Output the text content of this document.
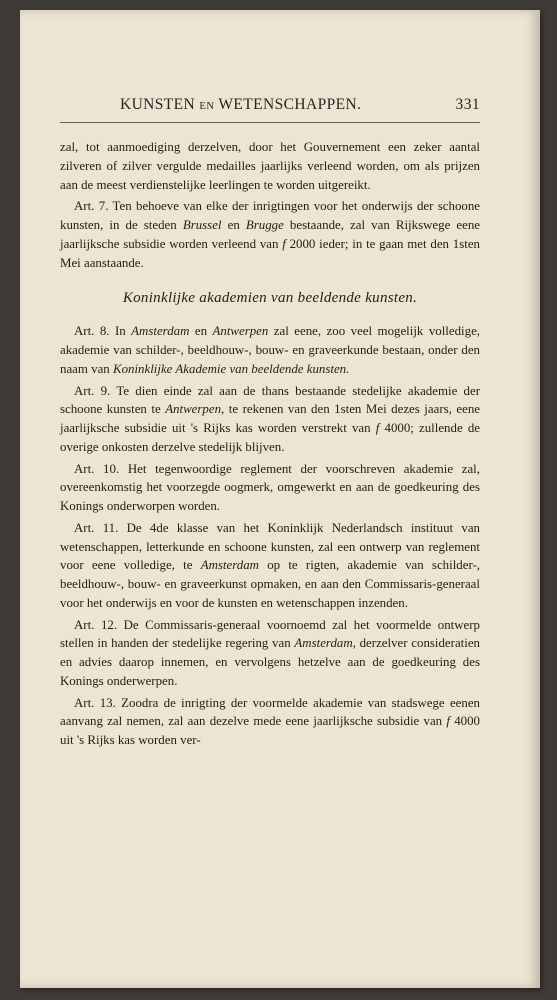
KUNSTEN EN WETENSCHAPPEN.	331

zal, tot aanmoediging derzelven, door het Gouvernement een zeker aantal zilveren of zilver vergulde medailles jaarlijks verleend worden, om als prijzen aan de meest verdienstelijke leerlingen te worden uitgereikt.

Art. 7. Ten behoeve van elke der inrigtingen voor het onderwijs der schoone kunsten, in de steden Brussel en Brugge bestaande, zal van Rijkswege eene jaarlijksche subsidie worden verleend van f 2000 ieder; in te gaan met den 1sten Mei aanstaande.

Koninklijke akademien van beeldende kunsten.

Art. 8. In Amsterdam en Antwerpen zal eene, zoo veel mogelijk volledige, akademie van schilder-, beeldhouw-, bouw- en graveerkunde bestaan, onder den naam van Koninklijke Akademie van beeldende kunsten.

Art. 9. Te dien einde zal aan de thans bestaande stedelijke akademie der schoone kunsten te Antwerpen, te rekenen van den 1sten Mei dezes jaars, eene jaarlijksche subsidie uit 's Rijks kas worden verstrekt van f 4000; zullende de overige onkosten derzelve stedelijk blijven.

Art. 10. Het tegenwoordige reglement der voorschreven akademie zal, overeenkomstig het voorzegde oogmerk, omgewerkt en aan de goedkeuring des Konings onderworpen worden.

Art. 11. De 4de klasse van het Koninklijk Nederlandsch instituut van wetenschappen, letterkunde en schoone kunsten, zal een ontwerp van reglement voor eene volledige, te Amsterdam op te rigten, akademie van schilder-, beeldhouw-, bouw- en graveerkunst opmaken, en aan den Commissaris-generaal voor het onderwijs en voor de kunsten en wetenschappen inzenden.

Art. 12. De Commissaris-generaal voornoemd zal het voormelde ontwerp stellen in handen der stedelijke regering van Amsterdam, derzelver consideratien en advies daarop innemen, en vervolgens hetzelve aan de goedkeuring des Konings onderwerpen.

Art. 13. Zoodra de inrigting der voormelde akademie van stadswege eenen aanvang zal nemen, zal aan dezelve mede eene jaarlijksche subsidie van f 4000 uit 's Rijks kas worden ver-
